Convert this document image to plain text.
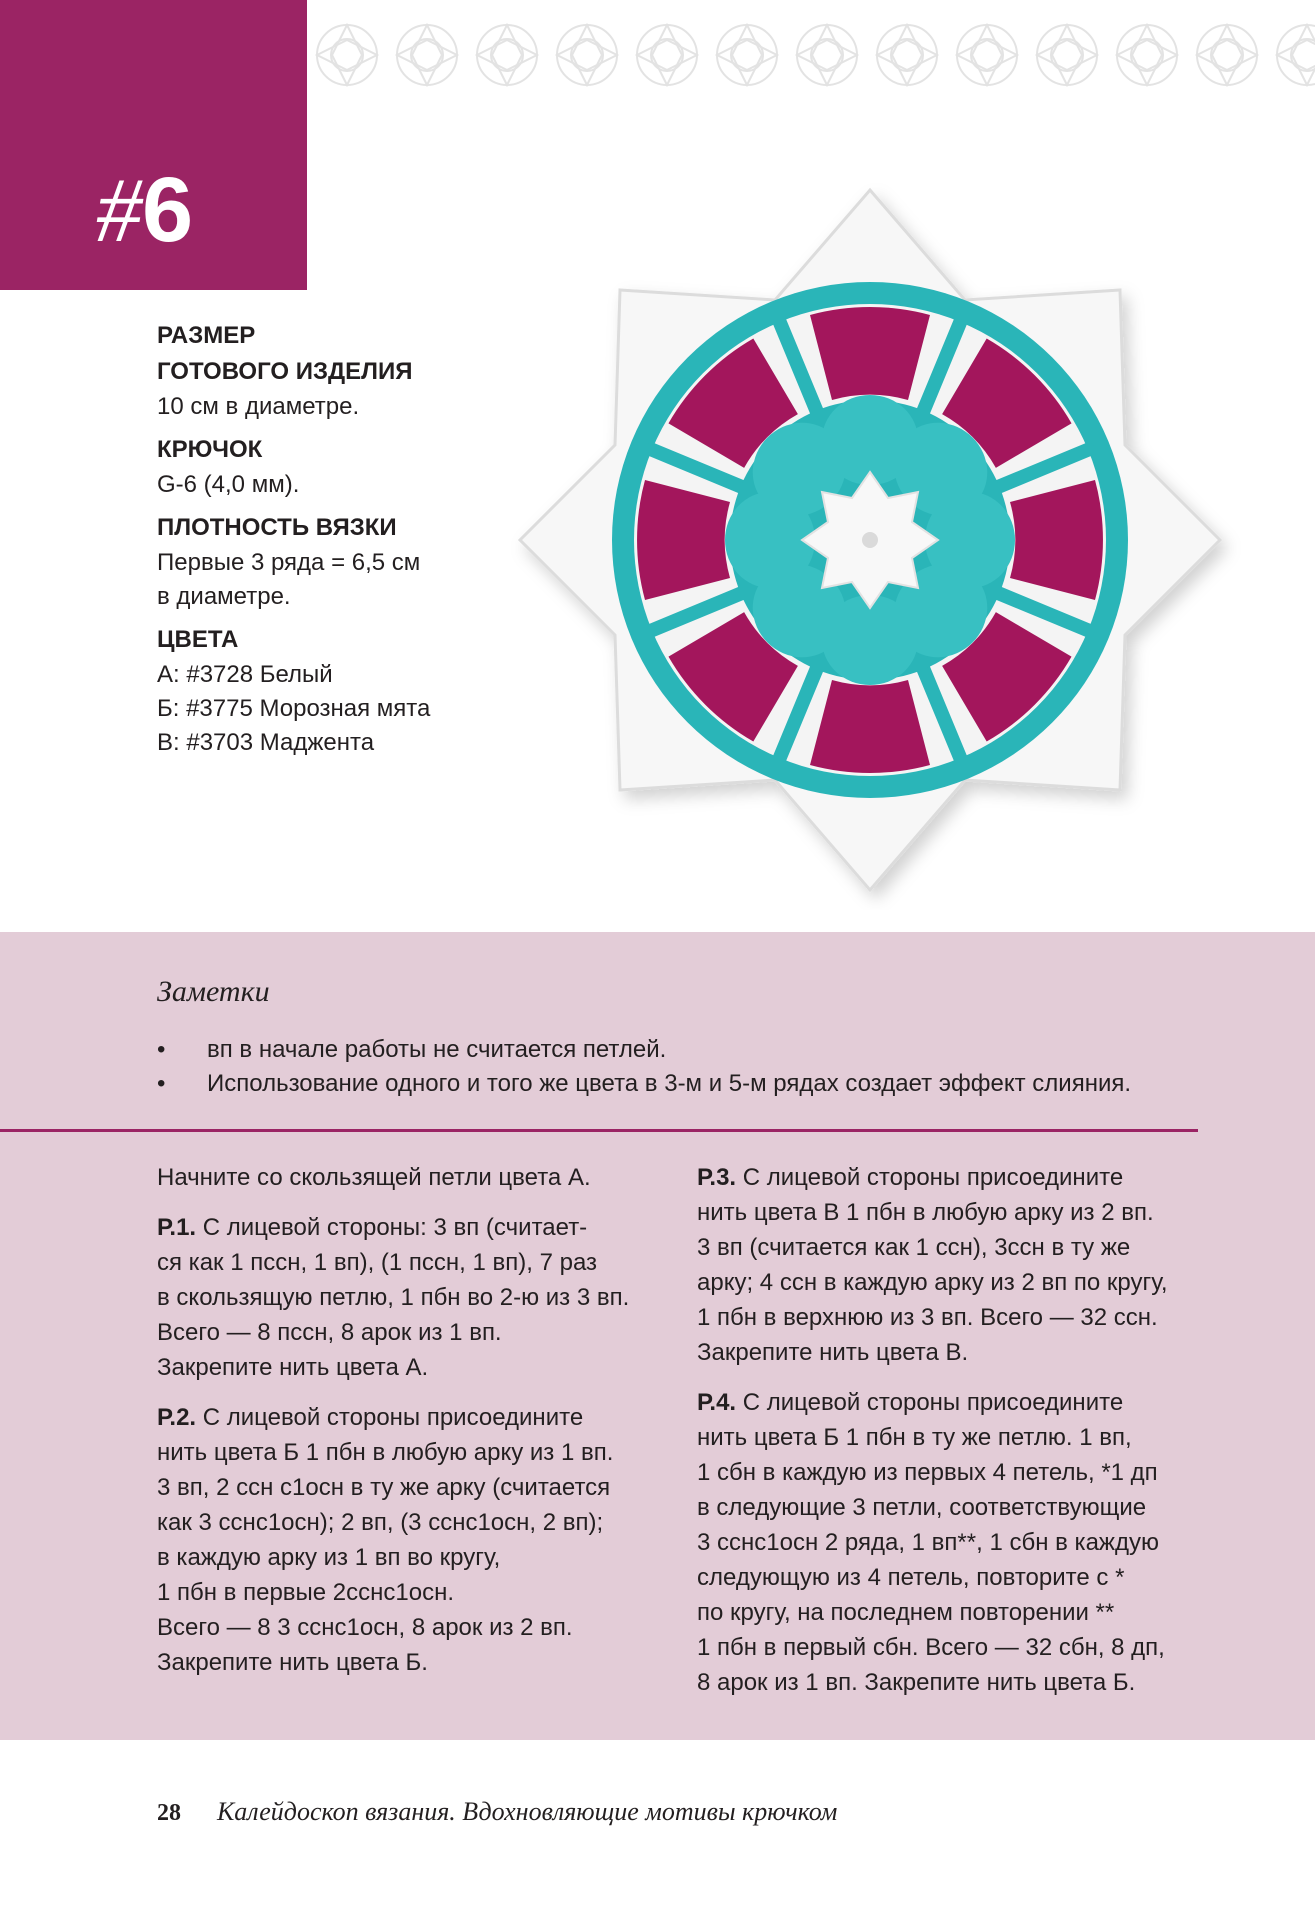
#6

РАЗМЕР

ГОТОВОГО ИЗДЕЛИЯ

10 см в диаметре.

КРЮЧОК

G-6 (4,0 мм).

ПЛОТНОСТЬ ВЯЗКИ

Первые 3 ряда = 6,5 см
в диаметре.

ЦВЕТА

А: #3728 Белый
Б: #3775 Морозная мята
В: #3703 Маджента

Заметки
• вп в начале работы не считается петлей.
• Использование одного и того же цвета в 3-м и 5-м рядах создает эффект слияния.

Начните со скользящей петли цвета А.

Р.1. С лицевой стороны: 3 вп (считает-
ся как 1 пссн, 1 вп), (1 пссн, 1 вп), 7 раз
в скользящую петлю, 1 пбн во 2-ю из 3 вп.
Всего — 8 пссн, 8 арок из 1 вп.
Закрепите нить цвета А.

Р.2. С лицевой стороны присоедините
нить цвета Б 1 пбн в любую арку из 1 вп.
3 вп, 2 ссн с1осн в ту же арку (считается
как 3 сснс1осн); 2 вп, (3 сснс1осн, 2 вп);
в каждую арку из 1 вп во кругу,
1 пбн в первые 2сснс1осн.
Всего — 8 3 сснс1осн, 8 арок из 2 вп.
Закрепите нить цвета Б.

Р.3. С лицевой стороны присоедините
нить цвета В 1 пбн в любую арку из 2 вп.
3 вп (считается как 1 ссн), 3ссн в ту же
арку; 4 ссн в каждую арку из 2 вп по кругу,
1 пбн в верхнюю из 3 вп. Всего — 32 ссн.
Закрепите нить цвета В.

Р.4. С лицевой стороны присоедините
нить цвета Б 1 пбн в ту же петлю. 1 вп,
1 сбн в каждую из первых 4 петель, *1 дп
в следующие 3 петли, соответствующие
3 сснс1осн 2 ряда, 1 вп**, 1 сбн в каждую
следующую из 4 петель, повторите с *
по кругу, на последнем повторении **
1 пбн в первый сбн. Всего — 32 сбн, 8 дп,
8 арок из 1 вп. Закрепите нить цвета Б.

28 Калейдоскоп вязания. Вдохновляющие мотивы крючком
